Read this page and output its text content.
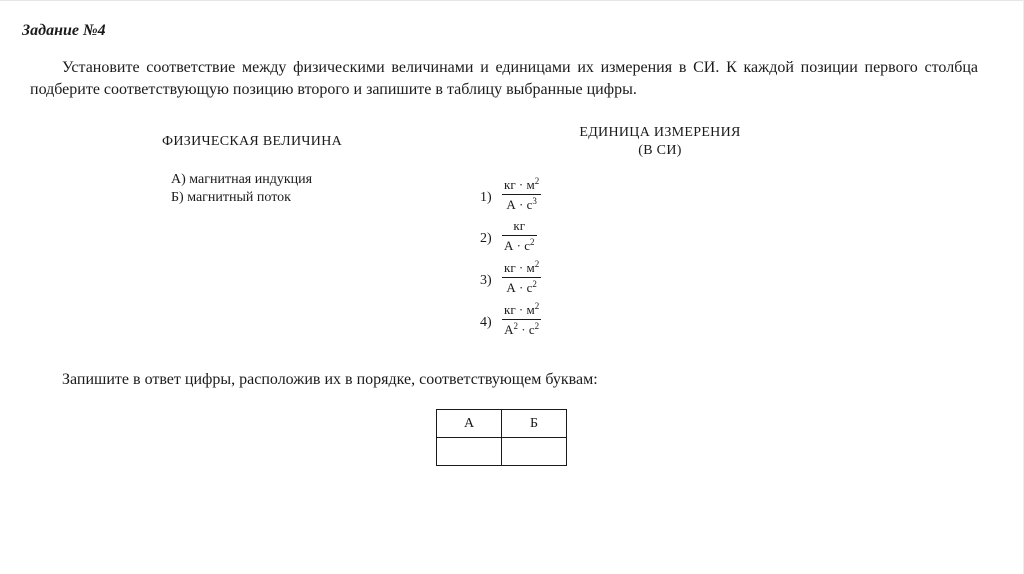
Задание №4
Установите соответствие между физическими величинами и единицами их измерения в СИ. К каждой позиции первого столбца подберите соответствующую позицию второго и запишите в таблицу выбранные цифры.
ФИЗИЧЕСКАЯ ВЕЛИЧИНА
А) магнитная индукция
Б) магнитный поток
ЕДИНИЦА ИЗМЕРЕНИЯ
(В СИ)
1)
кг · $м^2$
$А \cdot с^3$
2)
кг
$А \cdot с^2$
3)
кг · $м^2$
$А \cdot с^2$
4)
кг · $м^2$
$А^2 \cdot с^2$
Запишите в ответ цифры, расположив их в порядке, соответствующем буквам:
А	Б
